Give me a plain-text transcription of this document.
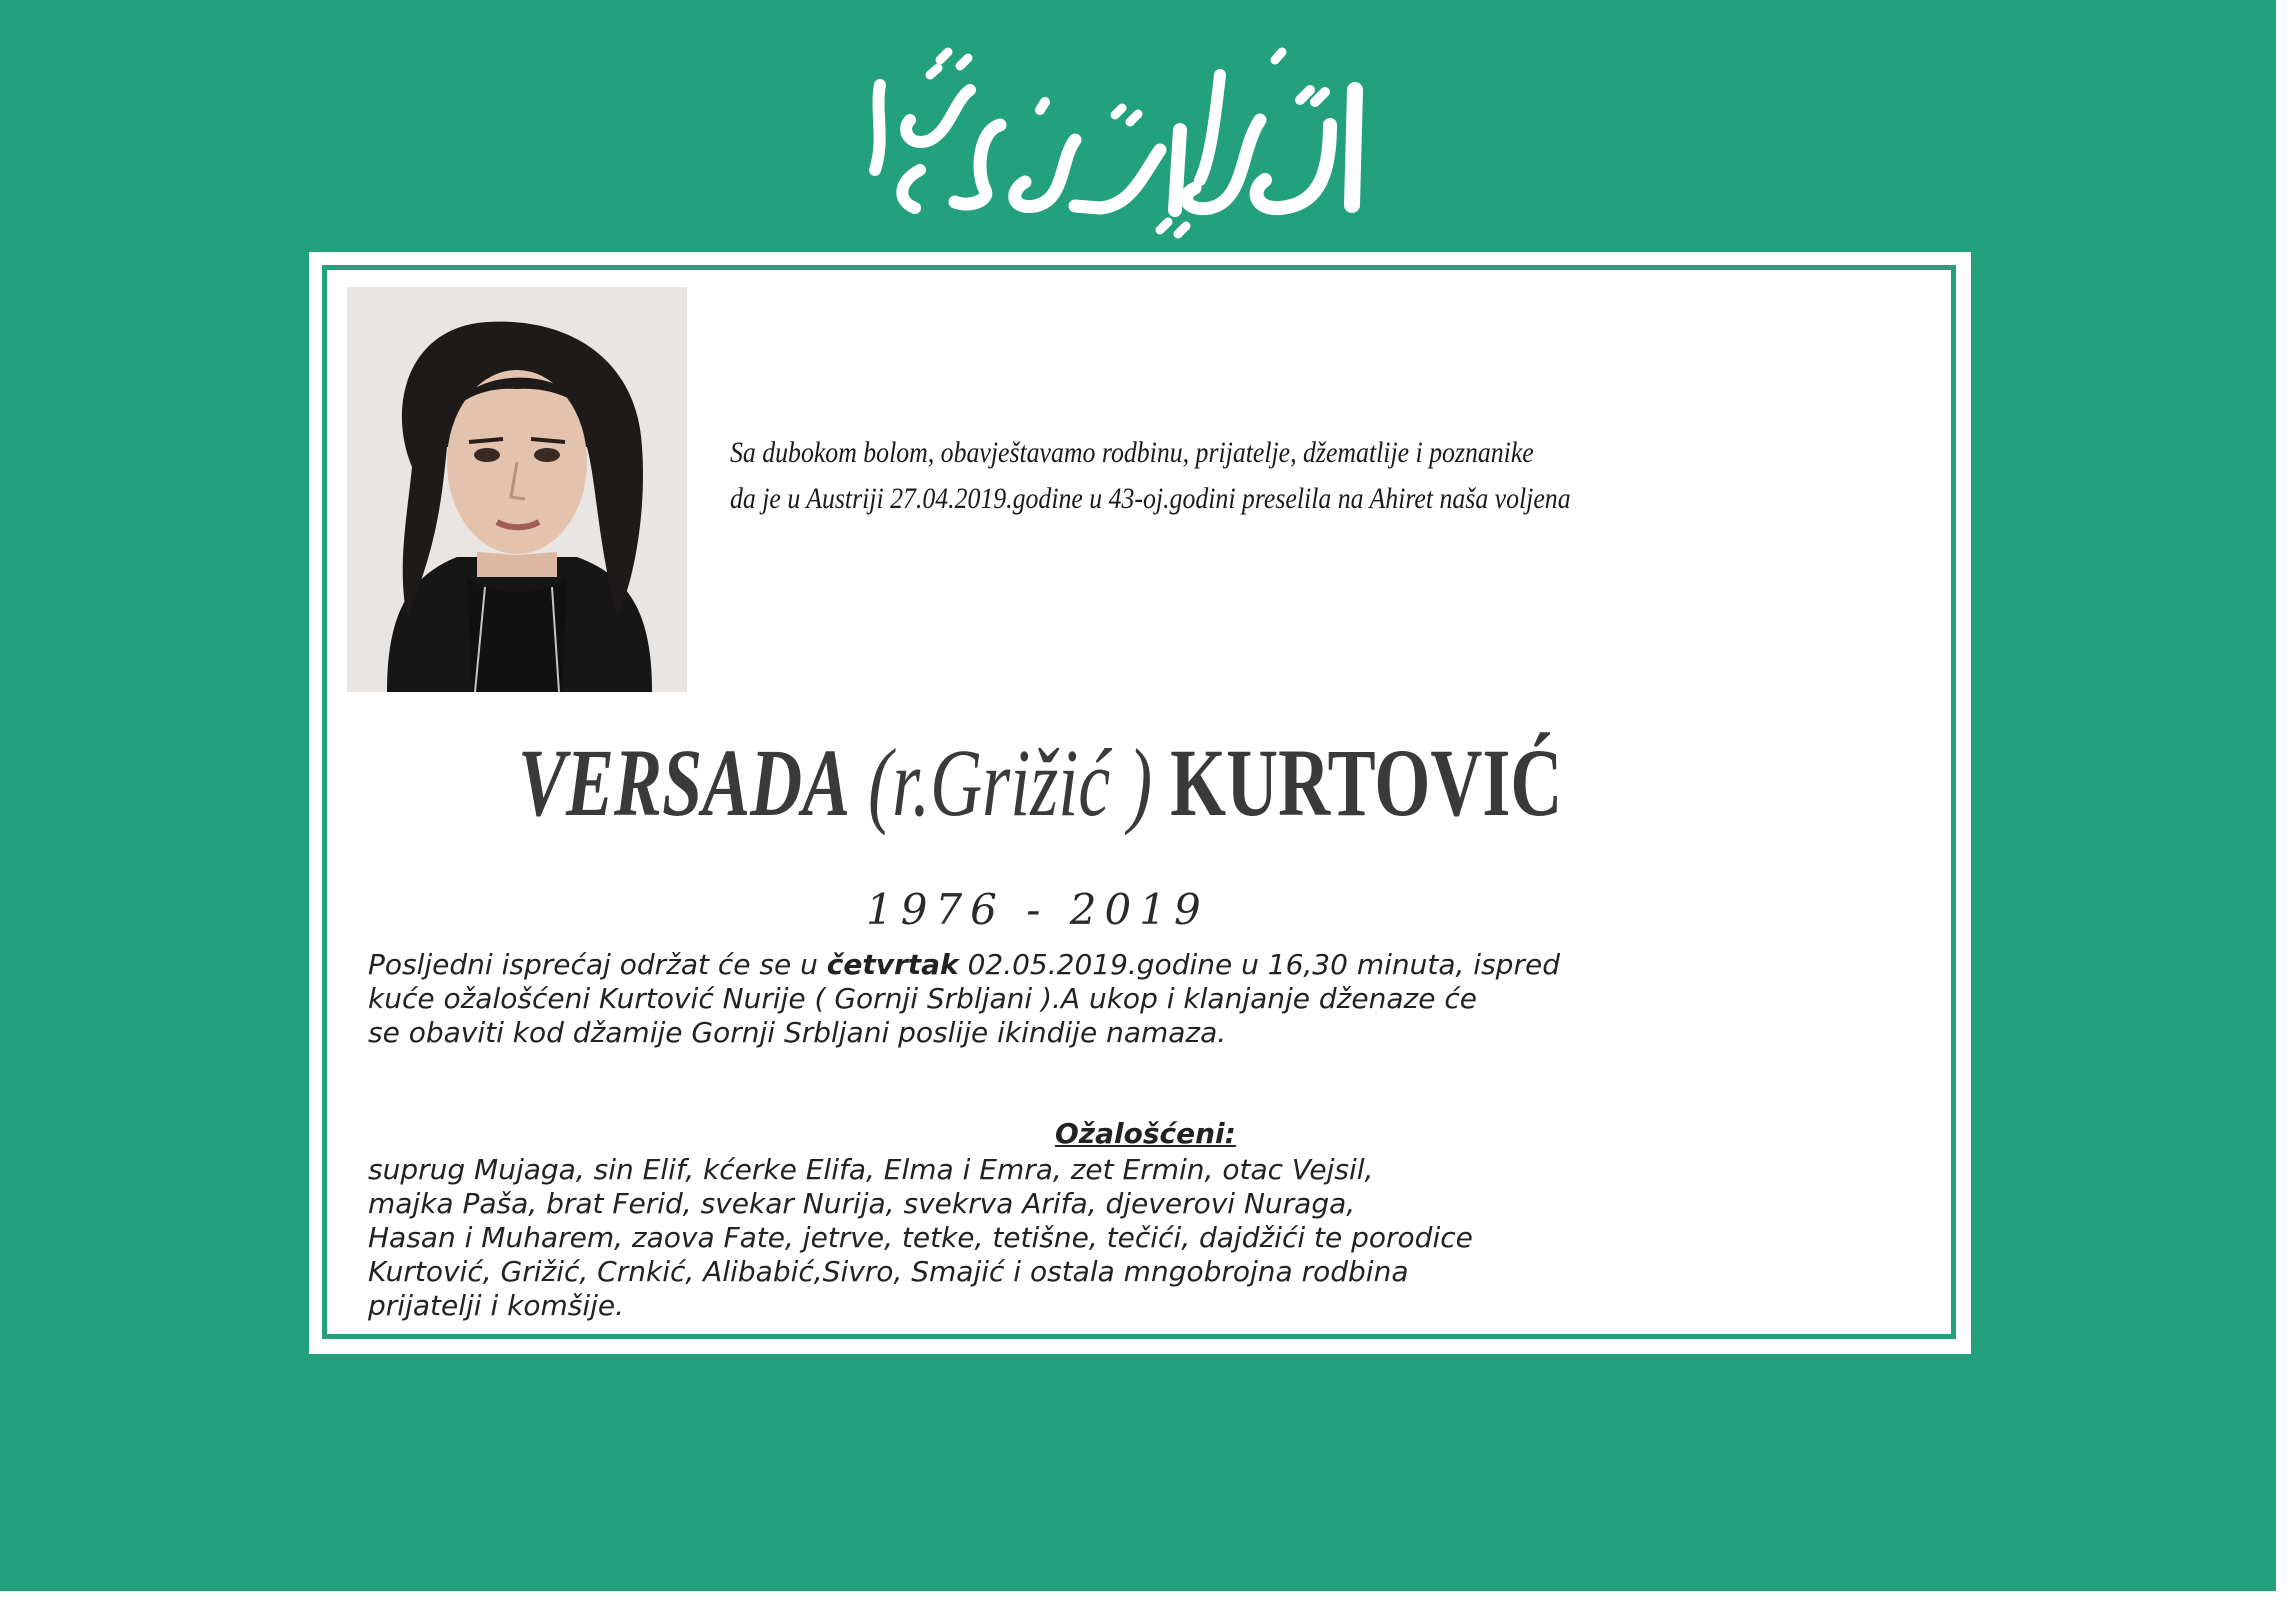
Sa dubokom bolom, obavještavamo rodbinu, prijatelje, džematlije i poznanike
da je u Austriji 27.04.2019.godine u 43-oj.godini preselila na Ahiret naša voljena
VERSADA (r.Grižić ) KURTOVIĆ
1976 - 2019
Posljedni isprećaj održat će se u četvrtak 02.05.2019.godine u 16,30 minuta, ispred
kuće ožalošćeni Kurtović Nurije ( Gornji Srbljani ).A ukop i klanjanje dženaze će
se obaviti kod džamije Gornji Srbljani poslije ikindije namaza.
Ožalošćeni:
suprug Mujaga, sin Elif, kćerke Elifa, Elma i Emra, zet Ermin, otac Vejsil,
majka Paša, brat Ferid, svekar Nurija, svekrva Arifa, djeverovi Nuraga,
Hasan i Muharem, zaova Fate, jetrve, tetke, tetišne, tečići, dajdžići te porodice
Kurtović, Grižić, Crnkić, Alibabić,Sivro, Smajić i ostala mngobrojna rodbina
prijatelji i komšije.
